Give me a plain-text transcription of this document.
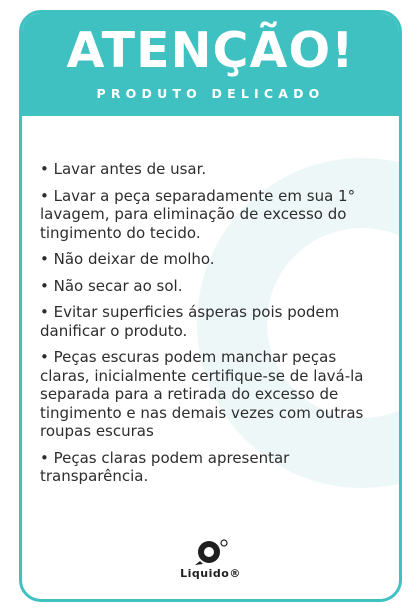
ATENÇÃO!
PRODUTO DELICADO
• Lavar antes de usar.
• Lavar a peça separadamente em sua 1° lavagem, para eliminação de excesso do tingimento do tecido.
• Não deixar de molho.
• Não secar ao sol.
• Evitar superficies ásperas pois podem danificar o produto.
• Peças escuras podem manchar peças claras, inicialmente certifique-se de lavá-la separada para a retirada do excesso de tingimento e nas demais vezes com outras roupas escuras
• Peças claras podem apresentar transparência.
Liquido®
